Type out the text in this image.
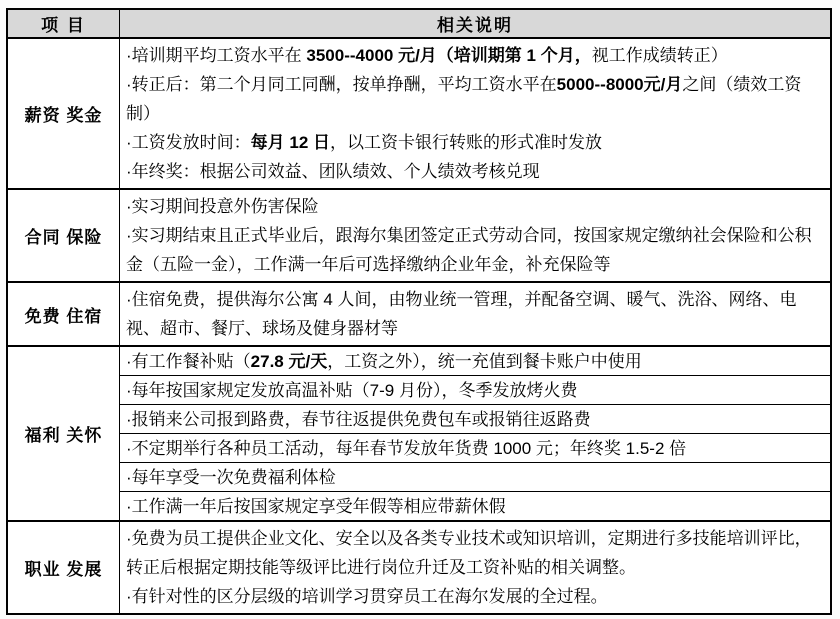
项 目	相关说明
薪资 奖金
·培训期平均工资水平在 3500--4000 元/月（培训期第 1 个月，视工作成绩转正）
·转正后：第二个月同工同酬，按单挣酬，平均工资水平在5000--8000元/月之间（绩效工资制）
·工资发放时间：每月 12 日，以工资卡银行转账的形式准时发放
·年终奖：根据公司效益、团队绩效、个人绩效考核兑现
合同 保险
·实习期间投意外伤害保险
·实习期结束且正式毕业后，跟海尔集团签定正式劳动合同，按国家规定缴纳社会保险和公积金（五险一金），工作满一年后可选择缴纳企业年金，补充保险等
免费 住宿
·住宿免费，提供海尔公寓 4 人间，由物业统一管理，并配备空调、暖气、洗浴、网络、电视、超市、餐厅、球场及健身器材等
福利 关怀
·有工作餐补贴（ 27.8 元/天 ，工资之外），统一充值到餐卡账户中使用
·每年按国家规定发放高温补贴（7-9 月份），冬季发放烤火费
·报销来公司报到路费，春节往返提供免费包车或报销往返路费
·不定期举行各种员工活动，每年春节发放年货费 1000 元；年终奖 1.5-2 倍
·每年享受一次免费福利体检
·工作满一年后按国家规定享受年假等相应带薪休假
职业 发展
·免费为员工提供企业文化、安全以及各类专业技术或知识培训，定期进行多技能培训评比，转正后根据定期技能等级评比进行岗位升迁及工资补贴的相关调整。
·有针对性的区分层级的培训学习贯穿员工在海尔发展的全过程。
